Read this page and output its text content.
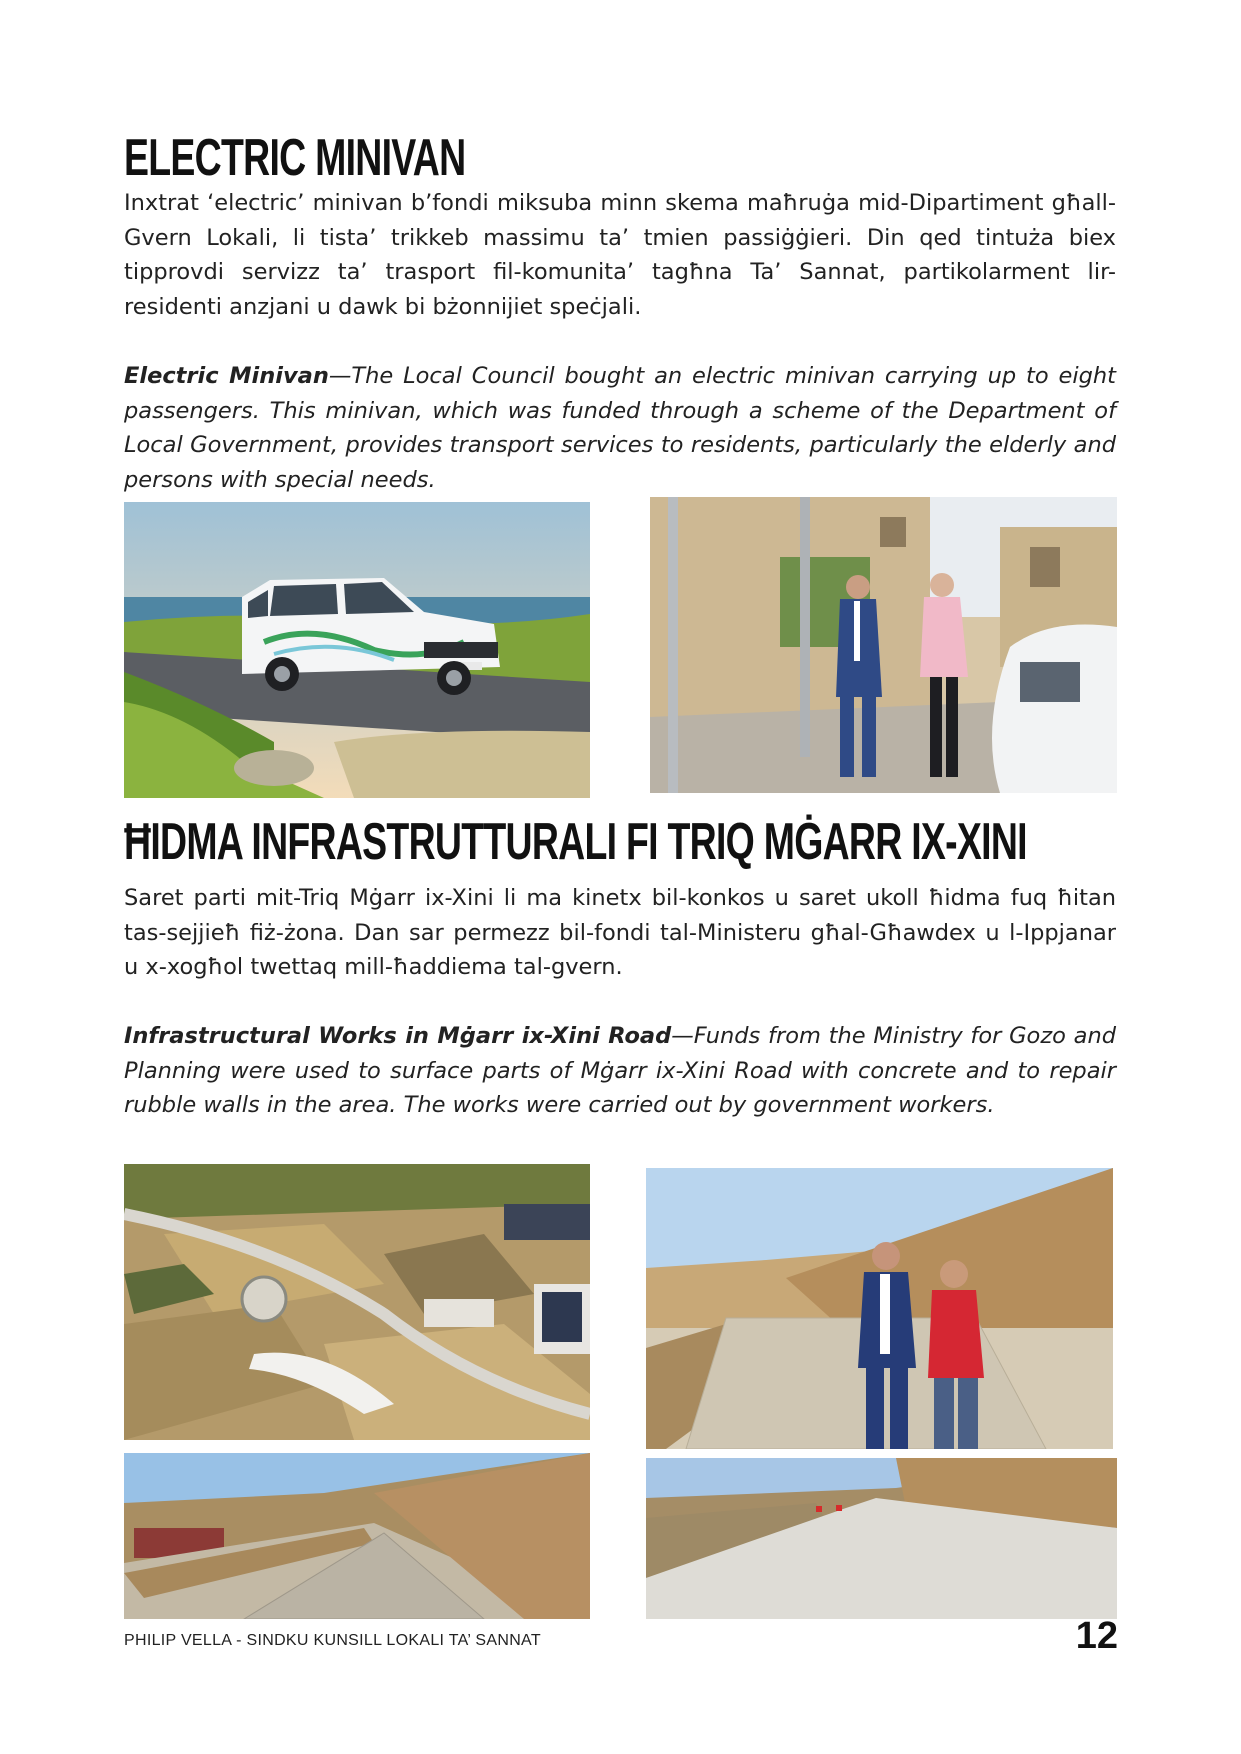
ELECTRIC MINIVAN

Inxtrat ‘electric’ minivan b’fondi miksuba minn skema maħruġa mid-Dipartiment għall-Gvern Lokali, li tista’ trikkeb massimu ta’ tmien passiġġieri. Din qed tintuża biex tipprovdi servizz ta’ trasport fil-komunita’ tagħna Ta’ Sannat, partikolarment lir-residenti anzjani u dawk bi bżonnijiet speċjali.

Electric Minivan—The Local Council bought an electric minivan carrying up to eight passengers. This minivan, which was funded through a scheme of the Department of Local Government, provides transport services to residents, particularly the elderly and persons with special needs.

ĦIDMA INFRASTRUTTURALI FI TRIQ MĠARR IX-XINI

Saret parti mit-Triq Mġarr ix-Xini li ma kinetx bil-konkos u saret ukoll ħidma fuq ħitan tas-sejjieħ fiż-żona. Dan sar permezz bil-fondi tal-Ministeru għal-Għawdex u l-Ippjanar u x-xogħol twettaq mill-ħaddiema tal-gvern.

Infrastructural Works in Mġarr ix-Xini Road—Funds from the Ministry for Gozo and Planning were used to surface parts of Mġarr ix-Xini Road with concrete and to repair rubble walls in the area. The works were carried out by government workers.

PHILIP VELLA - SINDKU KUNSILL LOKALI TA’ SANNAT	12
